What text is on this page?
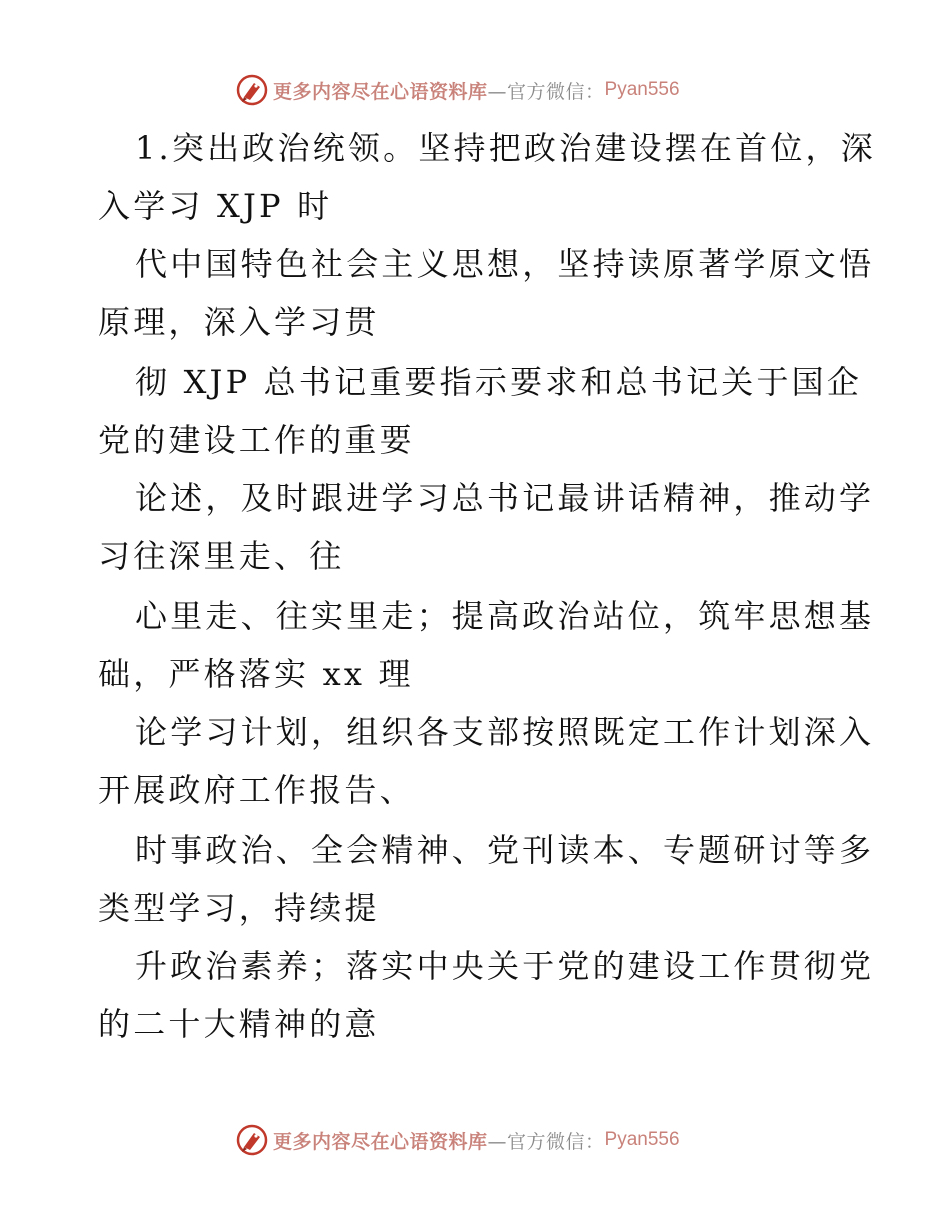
更多内容尽在心语资料库 —官方微信： Pyan556
1.突出政治统领。坚持把政治建设摆在首位，深
入学习 XJP 时
代中国特色社会主义思想，坚持读原著学原文悟
原理，深入学习贯
彻 XJP 总书记重要指示要求和总书记关于国企
党的建设工作的重要
论述，及时跟进学习总书记最讲话精神，推动学
习往深里走、往
心里走、往实里走；提高政治站位，筑牢思想基
础，严格落实 xx 理
论学习计划，组织各支部按照既定工作计划深入
开展政府工作报告、
时事政治、全会精神、党刊读本、专题研讨等多
类型学习，持续提
升政治素养；落实中央关于党的建设工作贯彻党
的二十大精神的意
更多内容尽在心语资料库 —官方微信： Pyan556
